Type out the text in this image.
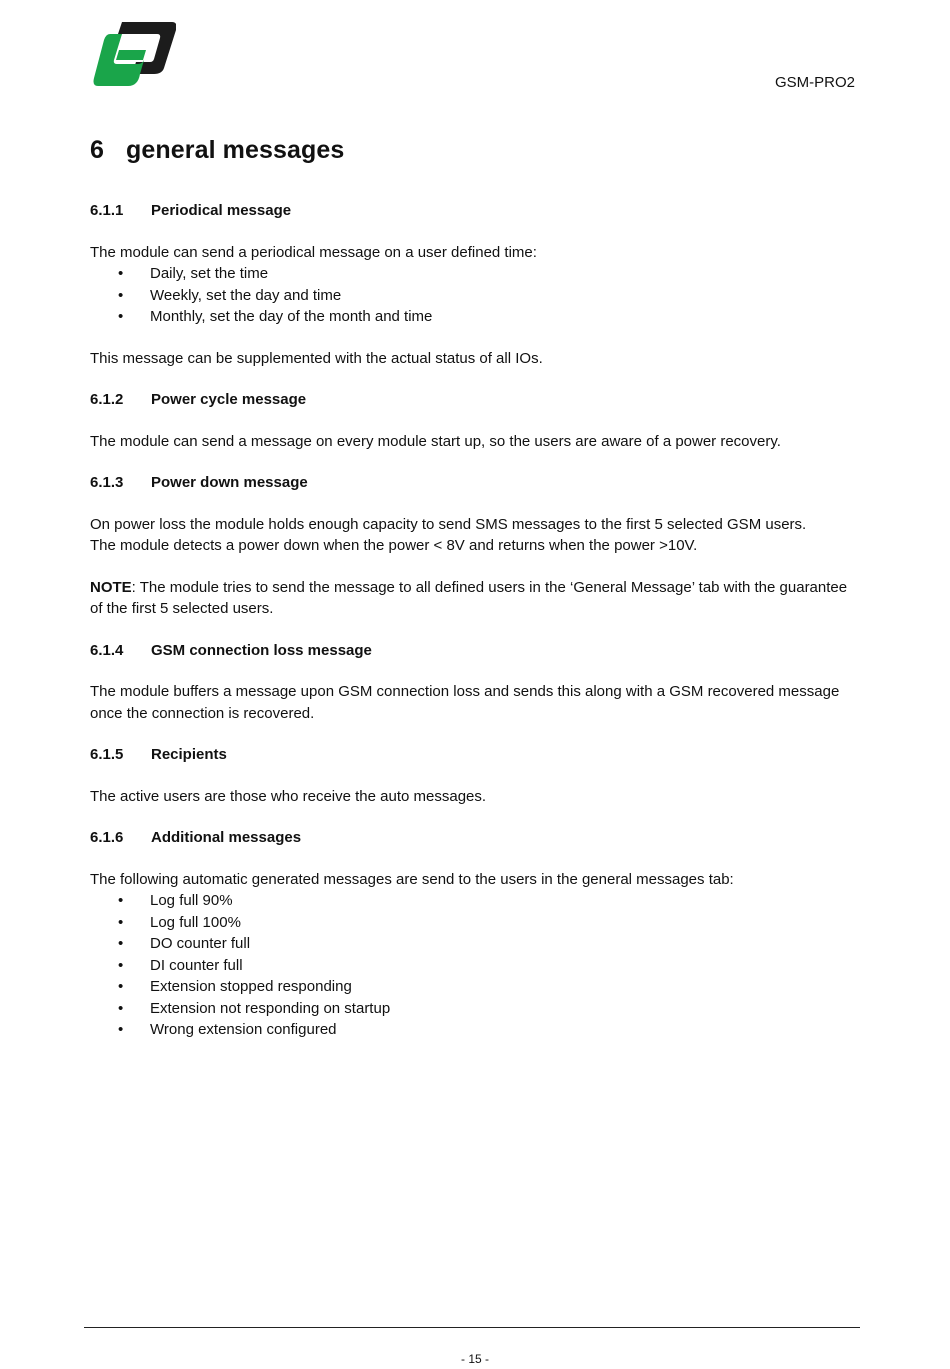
GSM-PRO2
6 general messages
6.1.1 Periodical message

The module can send a periodical message on a user defined time:

• Daily, set the time
• Weekly, set the day and time
• Monthly, set the day of the month and time

This message can be supplemented with the actual status of all IOs.

6.1.2 Power cycle message

The module can send a message on every module start up, so the users are aware of a power recovery.

6.1.3 Power down message

On power loss the module holds enough capacity to send SMS messages to the first 5 selected GSM users.

The module detects a power down when the power < 8V and returns when the power >10V.

NOTE: The module tries to send the message to all defined users in the ‘General Message’ tab with the guarantee of the first 5 selected users.

6.1.4 GSM connection loss message

The module buffers a message upon GSM connection loss and sends this along with a GSM recovered message once the connection is recovered.

6.1.5 Recipients

The active users are those who receive the auto messages.

6.1.6 Additional messages

The following automatic generated messages are send to the users in the general messages tab:

• Log full 90%
• Log full 100%
• DO counter full
• DI counter full
• Extension stopped responding
• Extension not responding on startup
• Wrong extension configured
- 15 -
